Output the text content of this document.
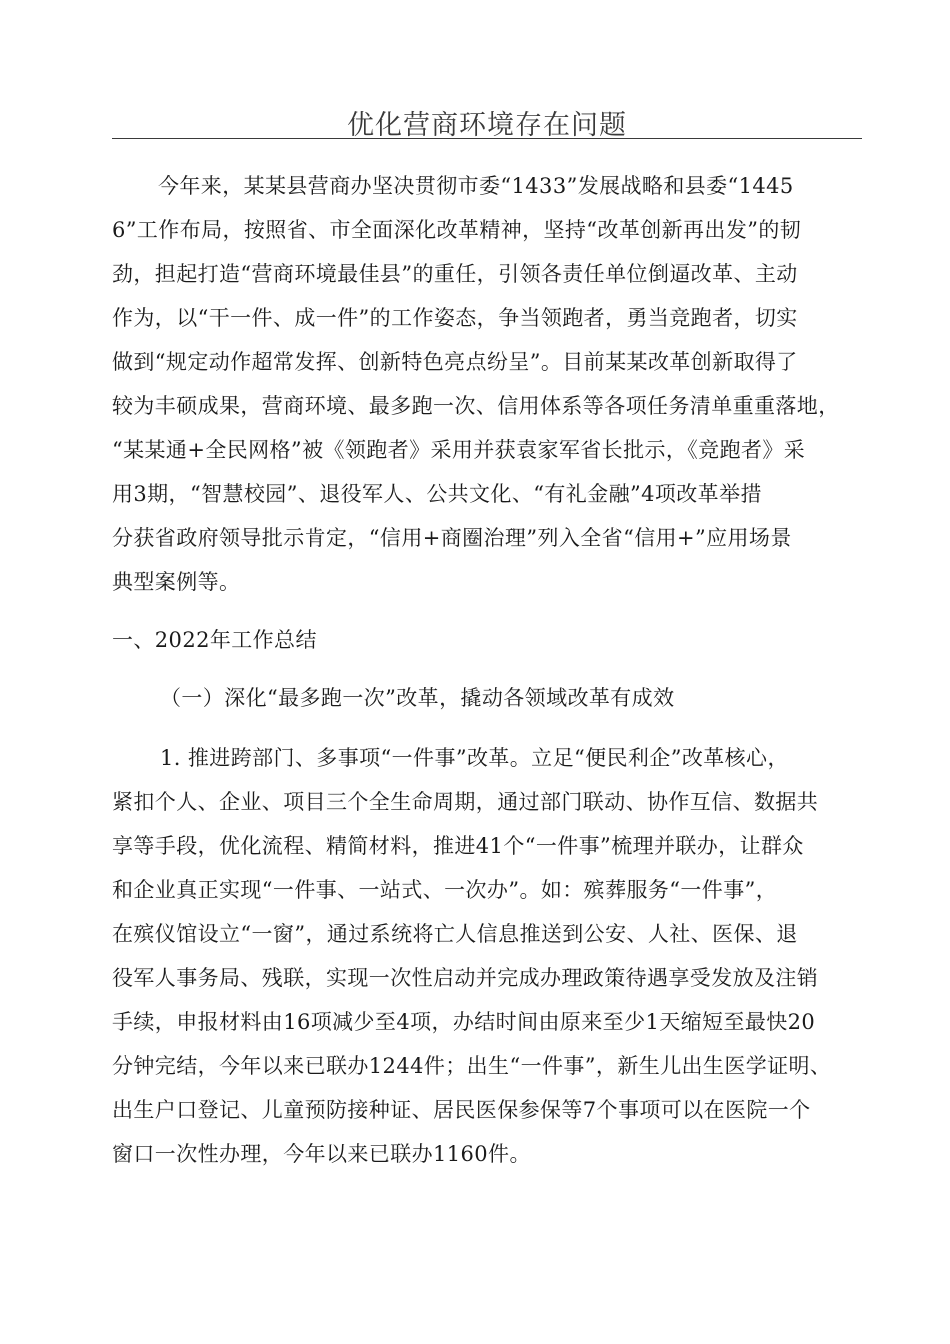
优化营商环境存在问题
今年来，某某县营商办坚决贯彻市委“1433”发展战略和县委“1445
6”工作布局，按照省、市全面深化改革精神，坚持“改革创新再出发”的韧
劲，担起打造“营商环境最佳县”的重任，引领各责任单位倒逼改革、主动
作为，以“干一件、成一件”的工作姿态，争当领跑者，勇当竞跑者，切实
做到“规定动作超常发挥、创新特色亮点纷呈”。目前某某改革创新取得了
较为丰硕成果，营商环境、最多跑一次、信用体系等各项任务清单重重落地，
“某某通+全民网格”被《领跑者》采用并获袁家军省长批示，《竞跑者》采
用3期，“智慧校园”、退役军人、公共文化、“有礼金融”4项改革举措
分获省政府领导批示肯定，“信用+商圈治理”列入全省“信用+”应用场景
典型案例等。
一、2022年工作总结
（一）深化“最多跑一次”改革，撬动各领域改革有成效
1. 推进跨部门、多事项“一件事”改革。立足“便民利企”改革核心，
紧扣个人、企业、项目三个全生命周期，通过部门联动、协作互信、数据共
享等手段，优化流程、精简材料，推进41个“一件事”梳理并联办，让群众
和企业真正实现“一件事、一站式、一次办”。如：殡葬服务“一件事”，
在殡仪馆设立“一窗”，通过系统将亡人信息推送到公安、人社、医保、退
役军人事务局、残联，实现一次性启动并完成办理政策待遇享受发放及注销
手续，申报材料由16项减少至4项，办结时间由原来至少1天缩短至最快20
分钟完结，今年以来已联办1244件；出生“一件事”，新生儿出生医学证明、
出生户口登记、儿童预防接种证、居民医保参保等7个事项可以在医院一个
窗口一次性办理，今年以来已联办1160件。
